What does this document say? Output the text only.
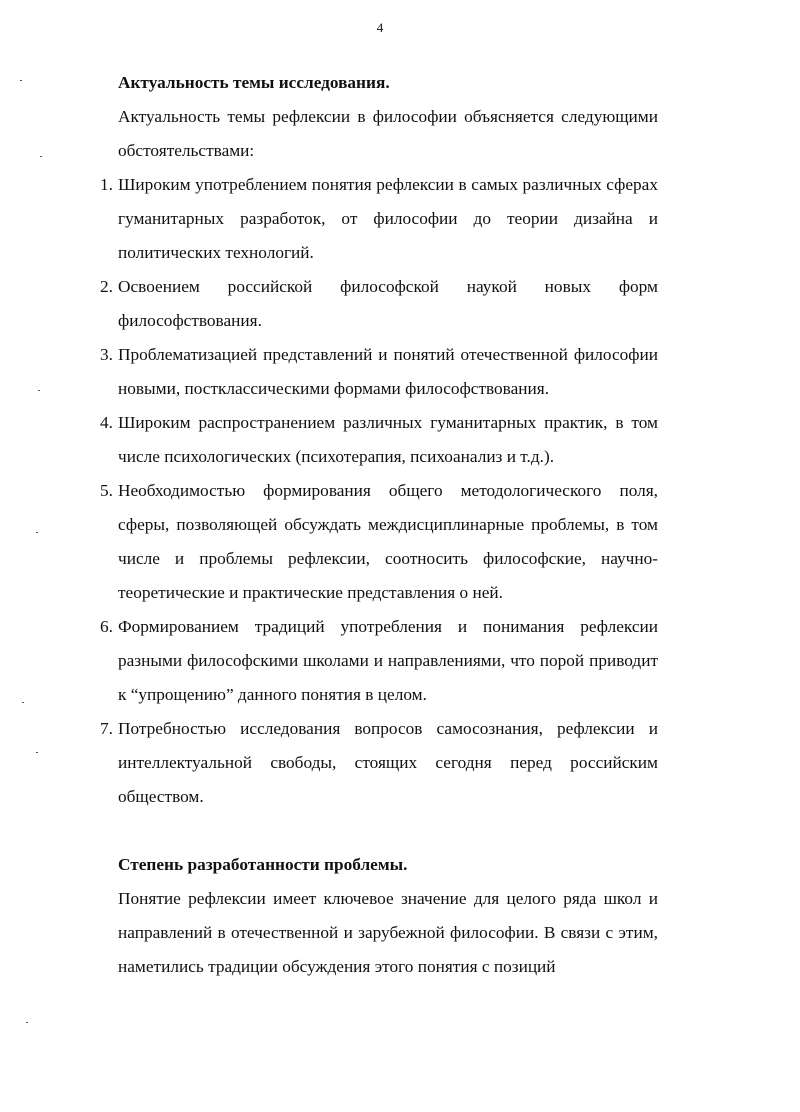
4

Актуальность темы исследования.

Актуальность темы рефлексии в философии объясняется следующими обстоятельствами:

1. Широким употреблением понятия рефлексии в самых различных сферах гуманитарных разработок, от философии до теории дизайна и политических технологий.
2. Освоением российской философской наукой новых форм философствования.
3. Проблематизацией представлений и понятий отечественной философии новыми, постклассическими формами философствования.
4. Широким распространением различных гуманитарных практик, в том числе психологических (психотерапия, психоанализ и т.д.).
5. Необходимостью формирования общего методологического поля, сферы, позволяющей обсуждать междисциплинарные проблемы, в том числе и проблемы рефлексии, соотносить философские, научно-теоретические и практические представления о ней.
6. Формированием традиций употребления и понимания рефлексии разными философскими школами и направлениями, что порой приводит к “упрощению” данного понятия в целом.
7. Потребностью исследования вопросов самосознания, рефлексии и интеллектуальной свободы, стоящих сегодня перед российским обществом.

Степень разработанности проблемы.

Понятие рефлексии имеет ключевое значение для целого ряда школ и направлений в отечественной и зарубежной философии. В связи с этим, наметились традиции обсуждения этого понятия с позиций
